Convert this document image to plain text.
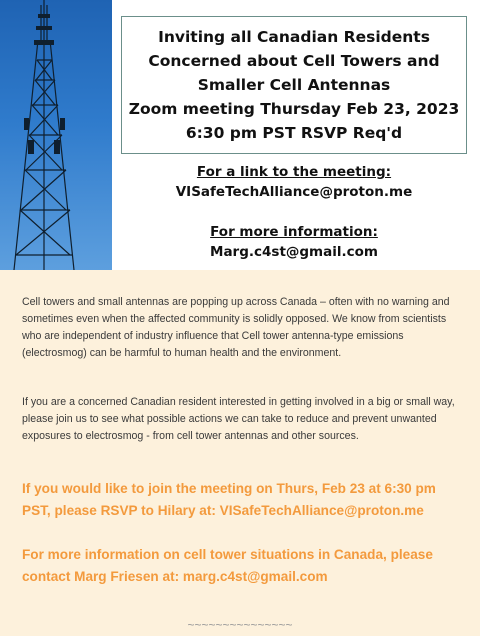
Inviting all Canadian Residents
Concerned about Cell Towers and
Smaller Cell Antennas
Zoom meeting Thursday Feb 23, 2023
6:30 pm PST RSVP Req'd
For a link to the meeting:
VISafeTechAlliance@proton.me
For more information:
Marg.c4st@gmail.com
Cell towers and small antennas are popping up across Canada – often with no warning and sometimes even when the affected community is solidly opposed. We know from scientists who are independent of industry influence that Cell tower antenna-type emissions (electrosmog) can be harmful to human health and the environment.
If you are a concerned Canadian resident interested in getting involved in a big or small way, please join us to see what possible actions we can take to reduce and prevent unwanted exposures to electrosmog - from cell tower antennas and other sources.
If you would like to join the meeting on Thurs, Feb 23 at 6:30 pm PST, please RSVP to Hilary at: VISafeTechAlliance@proton.me
For more information on cell tower situations in Canada, please contact Marg Friesen at: marg.c4st@gmail.com
~~~~~~~~~~~~~~~
